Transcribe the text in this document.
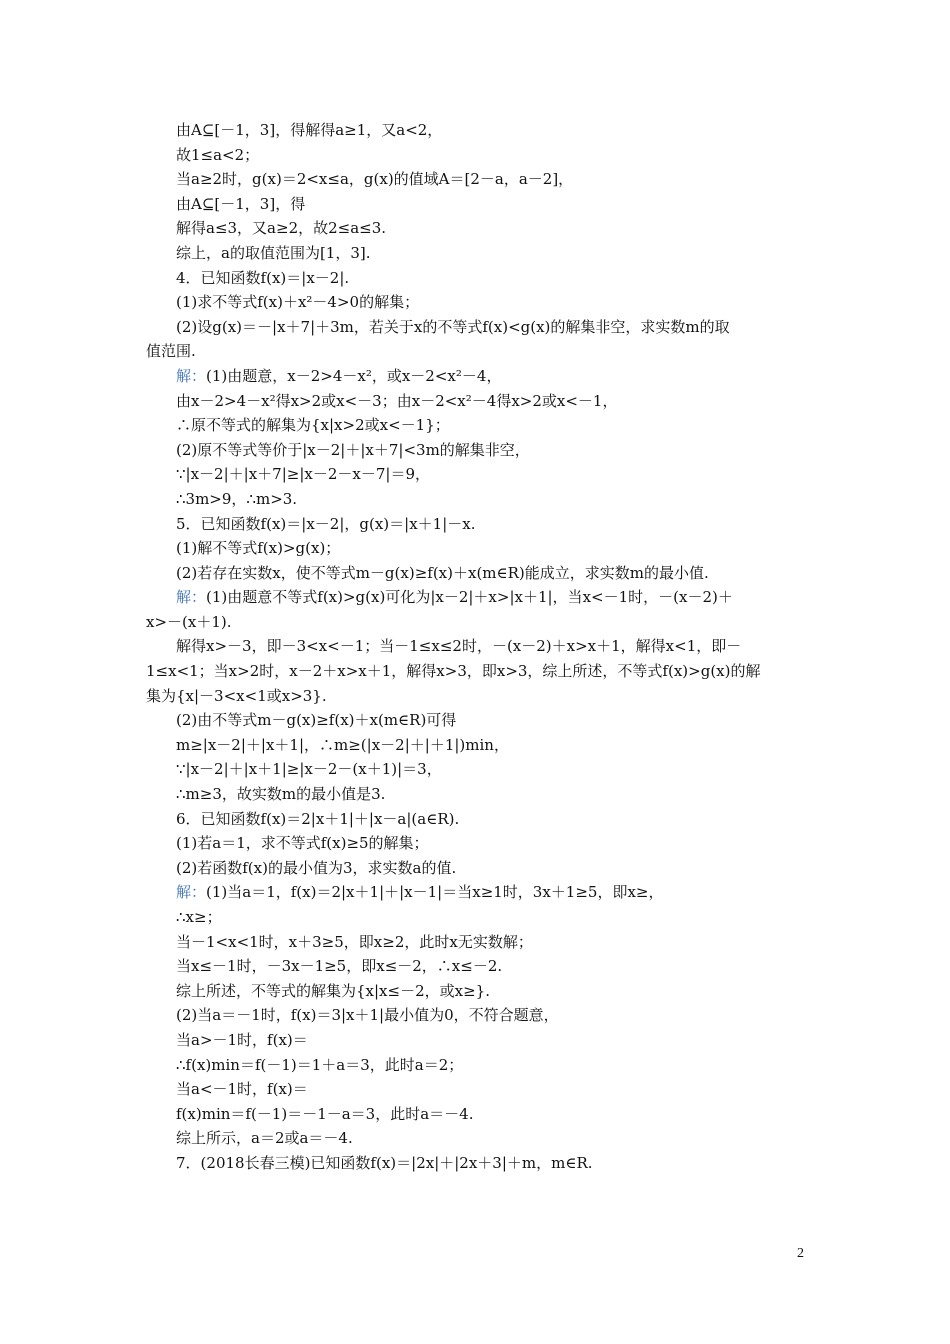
由A⊆[－1，3]，得解得a≥1，又a<2，
故1≤a<2；
当a≥2时，g(x)＝2<x≤a，g(x)的值域A＝[2－a，a－2]，
由A⊆[－1，3]，得
解得a≤3，又a≥2，故2≤a≤3.
综上，a的取值范围为[1，3].
4．已知函数f(x)＝|x－2|.
(1)求不等式f(x)＋x²－4>0的解集；
(2)设g(x)＝－|x＋7|＋3m，若关于x的不等式f(x)<g(x)的解集非空，求实数m的取
值范围.
解：(1)由题意，x－2>4－x²，或x－2<x²－4，
由x－2>4－x²得x>2或x<－3；由x－2<x²－4得x>2或x<－1，
∴原不等式的解集为{x|x>2或x<－1}；
(2)原不等式等价于|x－2|＋|x＋7|<3m的解集非空，
∵|x－2|＋|x＋7|≥|x－2－x－7|＝9，
∴3m>9，∴m>3.
5．已知函数f(x)＝|x－2|，g(x)＝|x＋1|－x.
(1)解不等式f(x)>g(x)；
(2)若存在实数x，使不等式m－g(x)≥f(x)＋x(m∈R)能成立，求实数m的最小值.
解：(1)由题意不等式f(x)>g(x)可化为|x－2|＋x>|x＋1|，当x<－1时，－(x－2)＋
x>－(x＋1).
解得x>－3，即－3<x<－1；当－1≤x≤2时，－(x－2)＋x>x＋1，解得x<1，即－
1≤x<1；当x>2时，x－2＋x>x＋1，解得x>3，即x>3，综上所述，不等式f(x)>g(x)的解
集为{x|－3<x<1或x>3}.
(2)由不等式m－g(x)≥f(x)＋x(m∈R)可得
m≥|x－2|＋|x＋1|，∴m≥(|x－2|＋|＋1|)min，
∵|x－2|＋|x＋1|≥|x－2－(x＋1)|＝3，
∴m≥3，故实数m的最小值是3.
6．已知函数f(x)＝2|x＋1|＋|x－a|(a∈R).
(1)若a＝1，求不等式f(x)≥5的解集；
(2)若函数f(x)的最小值为3，求实数a的值.
解：(1)当a＝1，f(x)＝2|x＋1|＋|x－1|＝当x≥1时，3x＋1≥5，即x≥，
∴x≥；
当－1<x<1时，x＋3≥5，即x≥2，此时x无实数解；
当x≤－1时，－3x－1≥5，即x≤－2，∴x≤－2.
综上所述，不等式的解集为{x|x≤－2，或x≥}.
(2)当a＝－1时，f(x)＝3|x＋1|最小值为0，不符合题意，
当a>－1时，f(x)＝
∴f(x)min＝f(－1)＝1＋a＝3，此时a＝2；
当a<－1时，f(x)＝
f(x)min＝f(－1)＝－1－a＝3，此时a＝－4.
综上所示，a＝2或a＝－4.
7．(2018长春三模)已知函数f(x)＝|2x|＋|2x＋3|＋m，m∈R.
2
